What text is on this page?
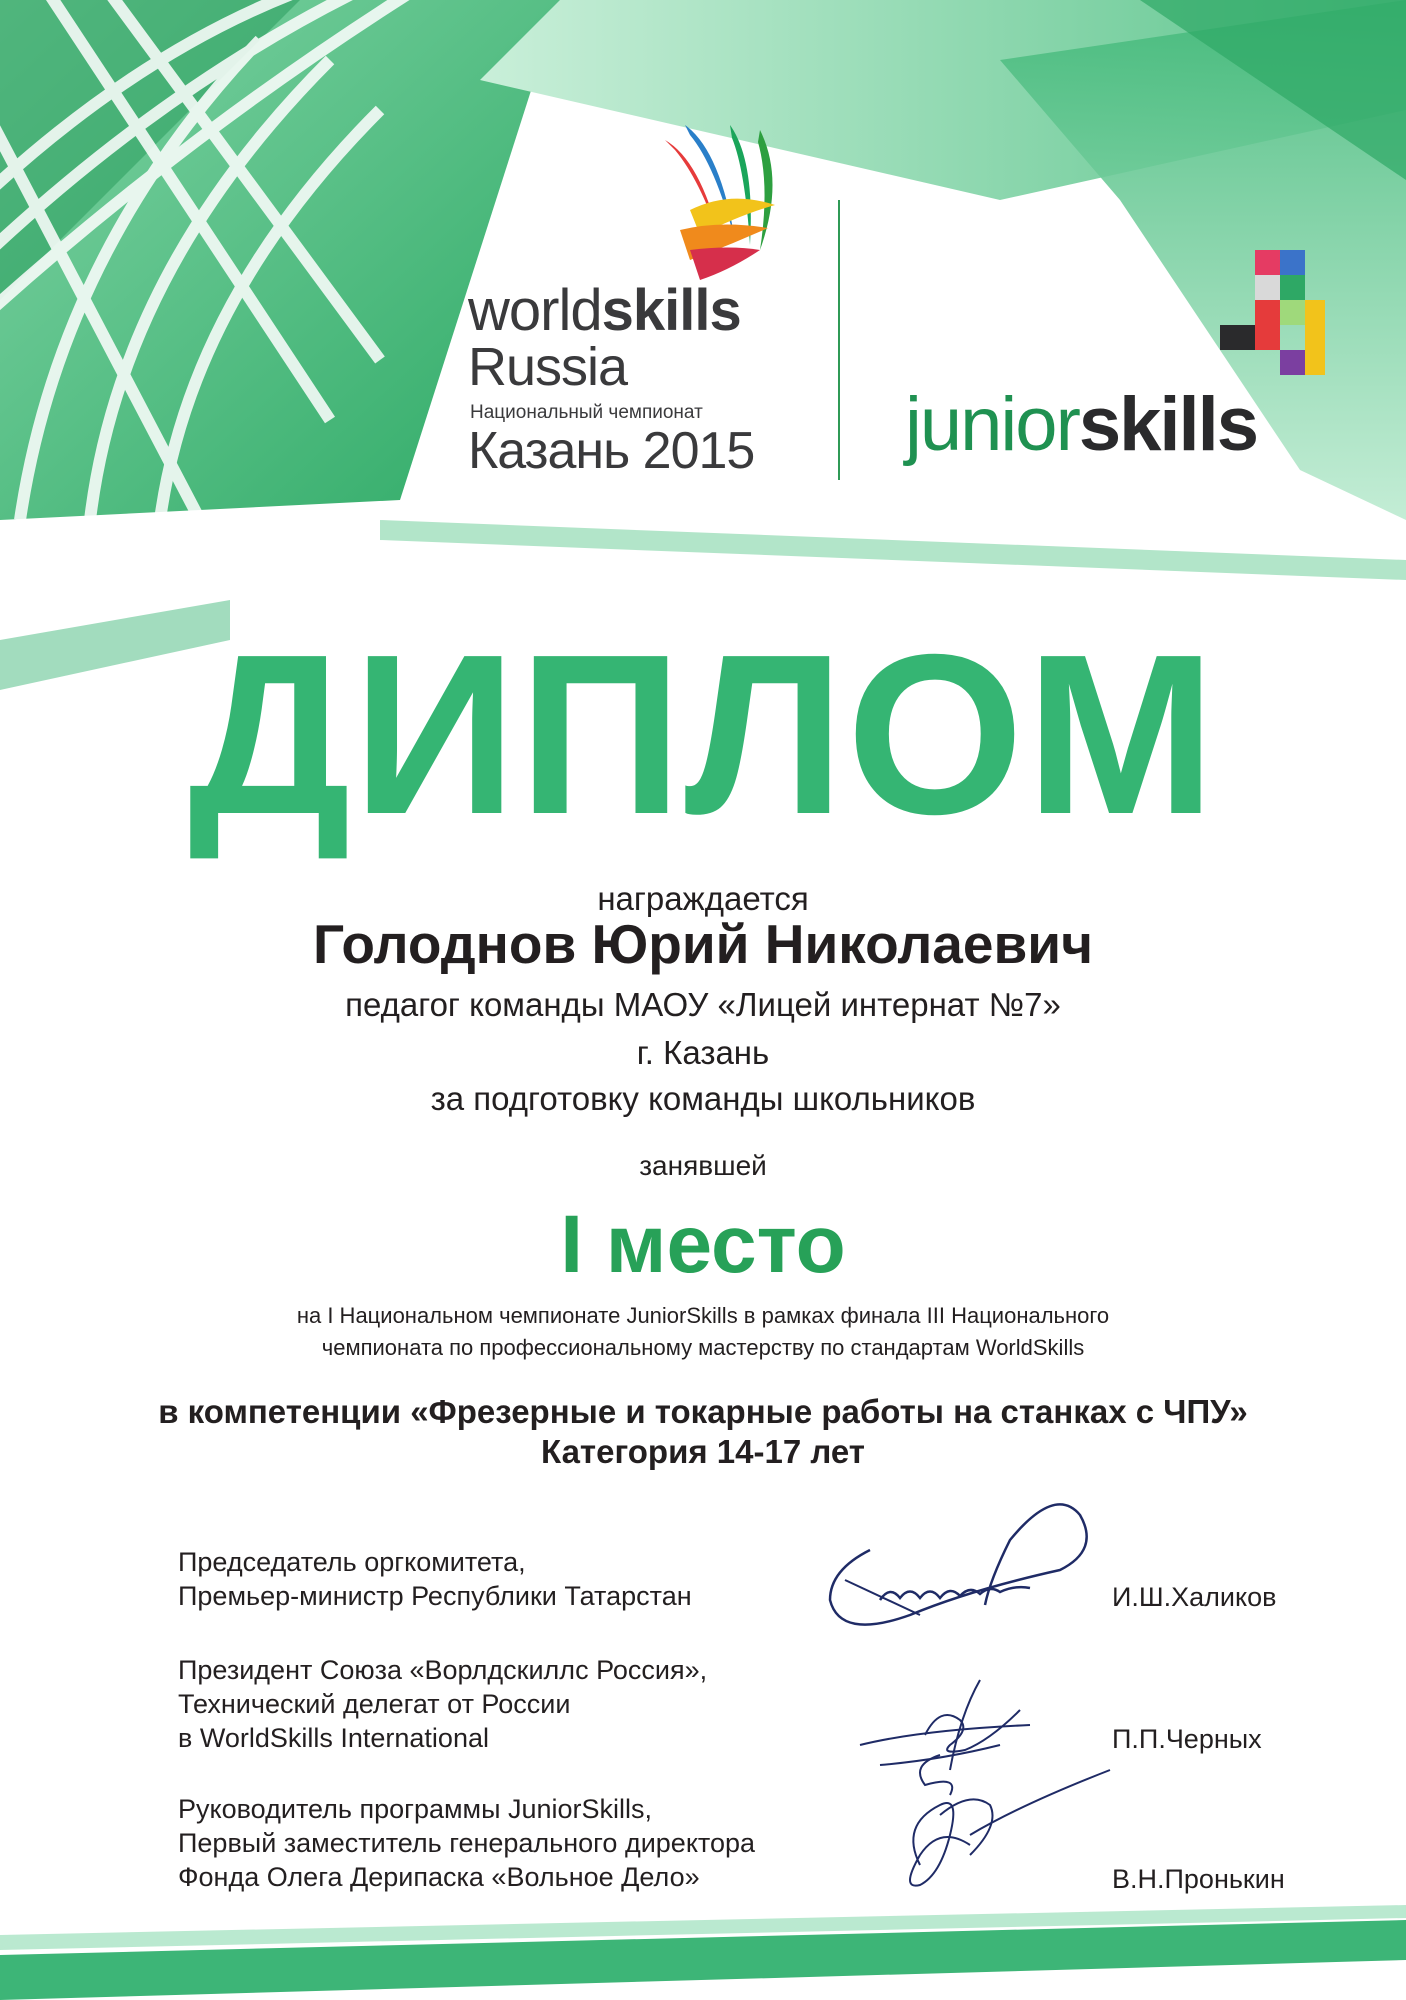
worldskills
Russia
Национальный чемпионат
Казань 2015 juniorskills
ДИПЛОМ
награждается
Голоднов Юрий Николаевич
педагог команды МАОУ «Лицей интернат №7»
г. Казань
за подготовку команды школьников
занявшей
I место
на I Национальном чемпионате JuniorSkills в рамках финала III Национального
чемпионата по профессиональному мастерству по стандартам WorldSkills
в компетенции «Фрезерные и токарные работы на станках с ЧПУ»
Категория 14-17 лет
Председатель оргкомитета,
Премьер-министр Республики Татарстан	И.Ш.Халиков
Президент Союза «Ворлдскиллс Россия»,
Технический делегат от России
в WorldSkills International	П.П.Черных
Руководитель программы JuniorSkills,
Первый заместитель генерального директора
Фонда Олега Дерипаска «Вольное Дело»	В.Н.Пронькин
